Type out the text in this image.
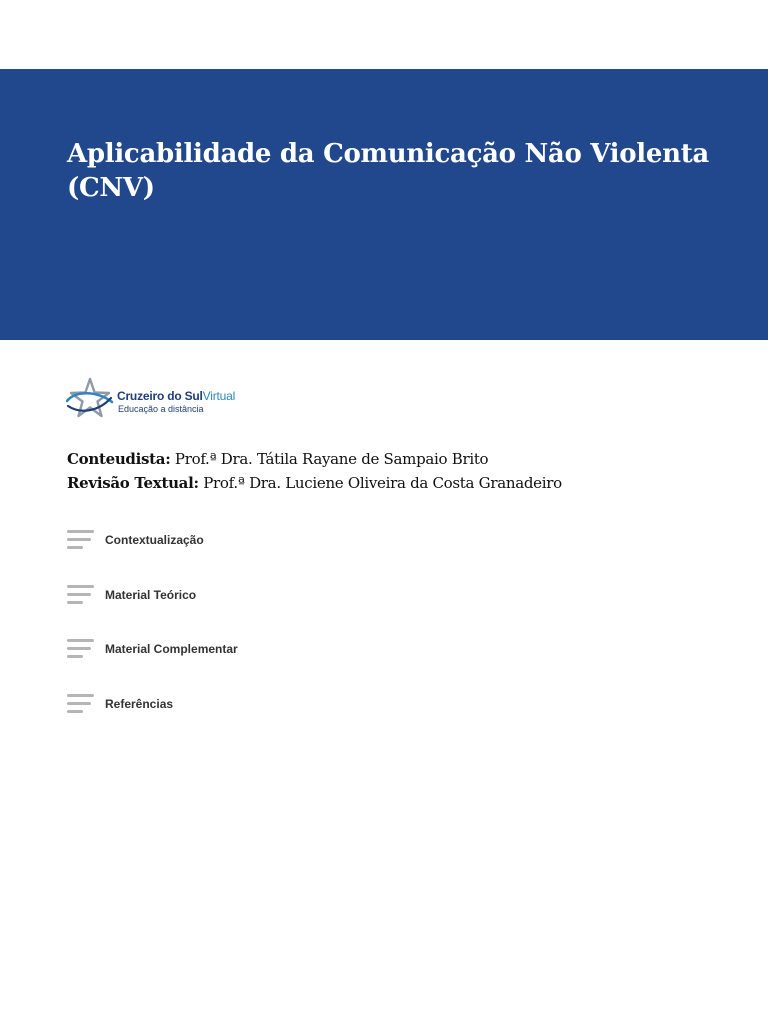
Aplicabilidade da Comunicação Não Violenta (CNV)
Cruzeiro do SulVirtual
Educação a distância
Conteudista: Prof.ª Dra. Tátila Rayane de Sampaio Brito
Revisão Textual: Prof.ª Dra. Luciene Oliveira da Costa Granadeiro
Contextualização
Material Teórico
Material Complementar
Referências
